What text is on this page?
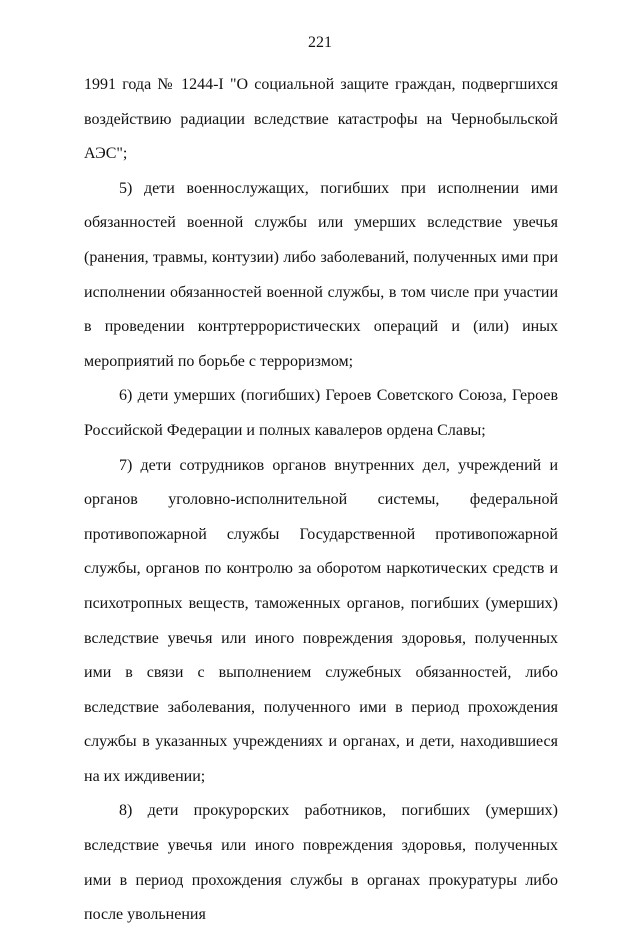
221

1991 года № 1244-I "О социальной защите граждан, подвергшихся воздействию радиации вследствие катастрофы на Чернобыльской АЭС";

5) дети военнослужащих, погибших при исполнении ими обязанностей военной службы или умерших вследствие увечья (ранения, травмы, контузии) либо заболеваний, полученных ими при исполнении обязанностей военной службы, в том числе при участии в проведении контртеррористических операций и (или) иных мероприятий по борьбе с терроризмом;

6) дети умерших (погибших) Героев Советского Союза, Героев Российской Федерации и полных кавалеров ордена Славы;

7) дети сотрудников органов внутренних дел, учреждений и органов уголовно-исполнительной системы, федеральной противопожарной службы Государственной противопожарной службы, органов по контролю за оборотом наркотических средств и психотропных веществ, таможенных органов, погибших (умерших) вследствие увечья или иного повреждения здоровья, полученных ими в связи с выполнением служебных обязанностей, либо вследствие заболевания, полученного ими в период прохождения службы в указанных учреждениях и органах, и дети, находившиеся на их иждивении;

8) дети прокурорских работников, погибших (умерших) вследствие увечья или иного повреждения здоровья, полученных ими в период прохождения службы в органах прокуратуры либо после увольнения
